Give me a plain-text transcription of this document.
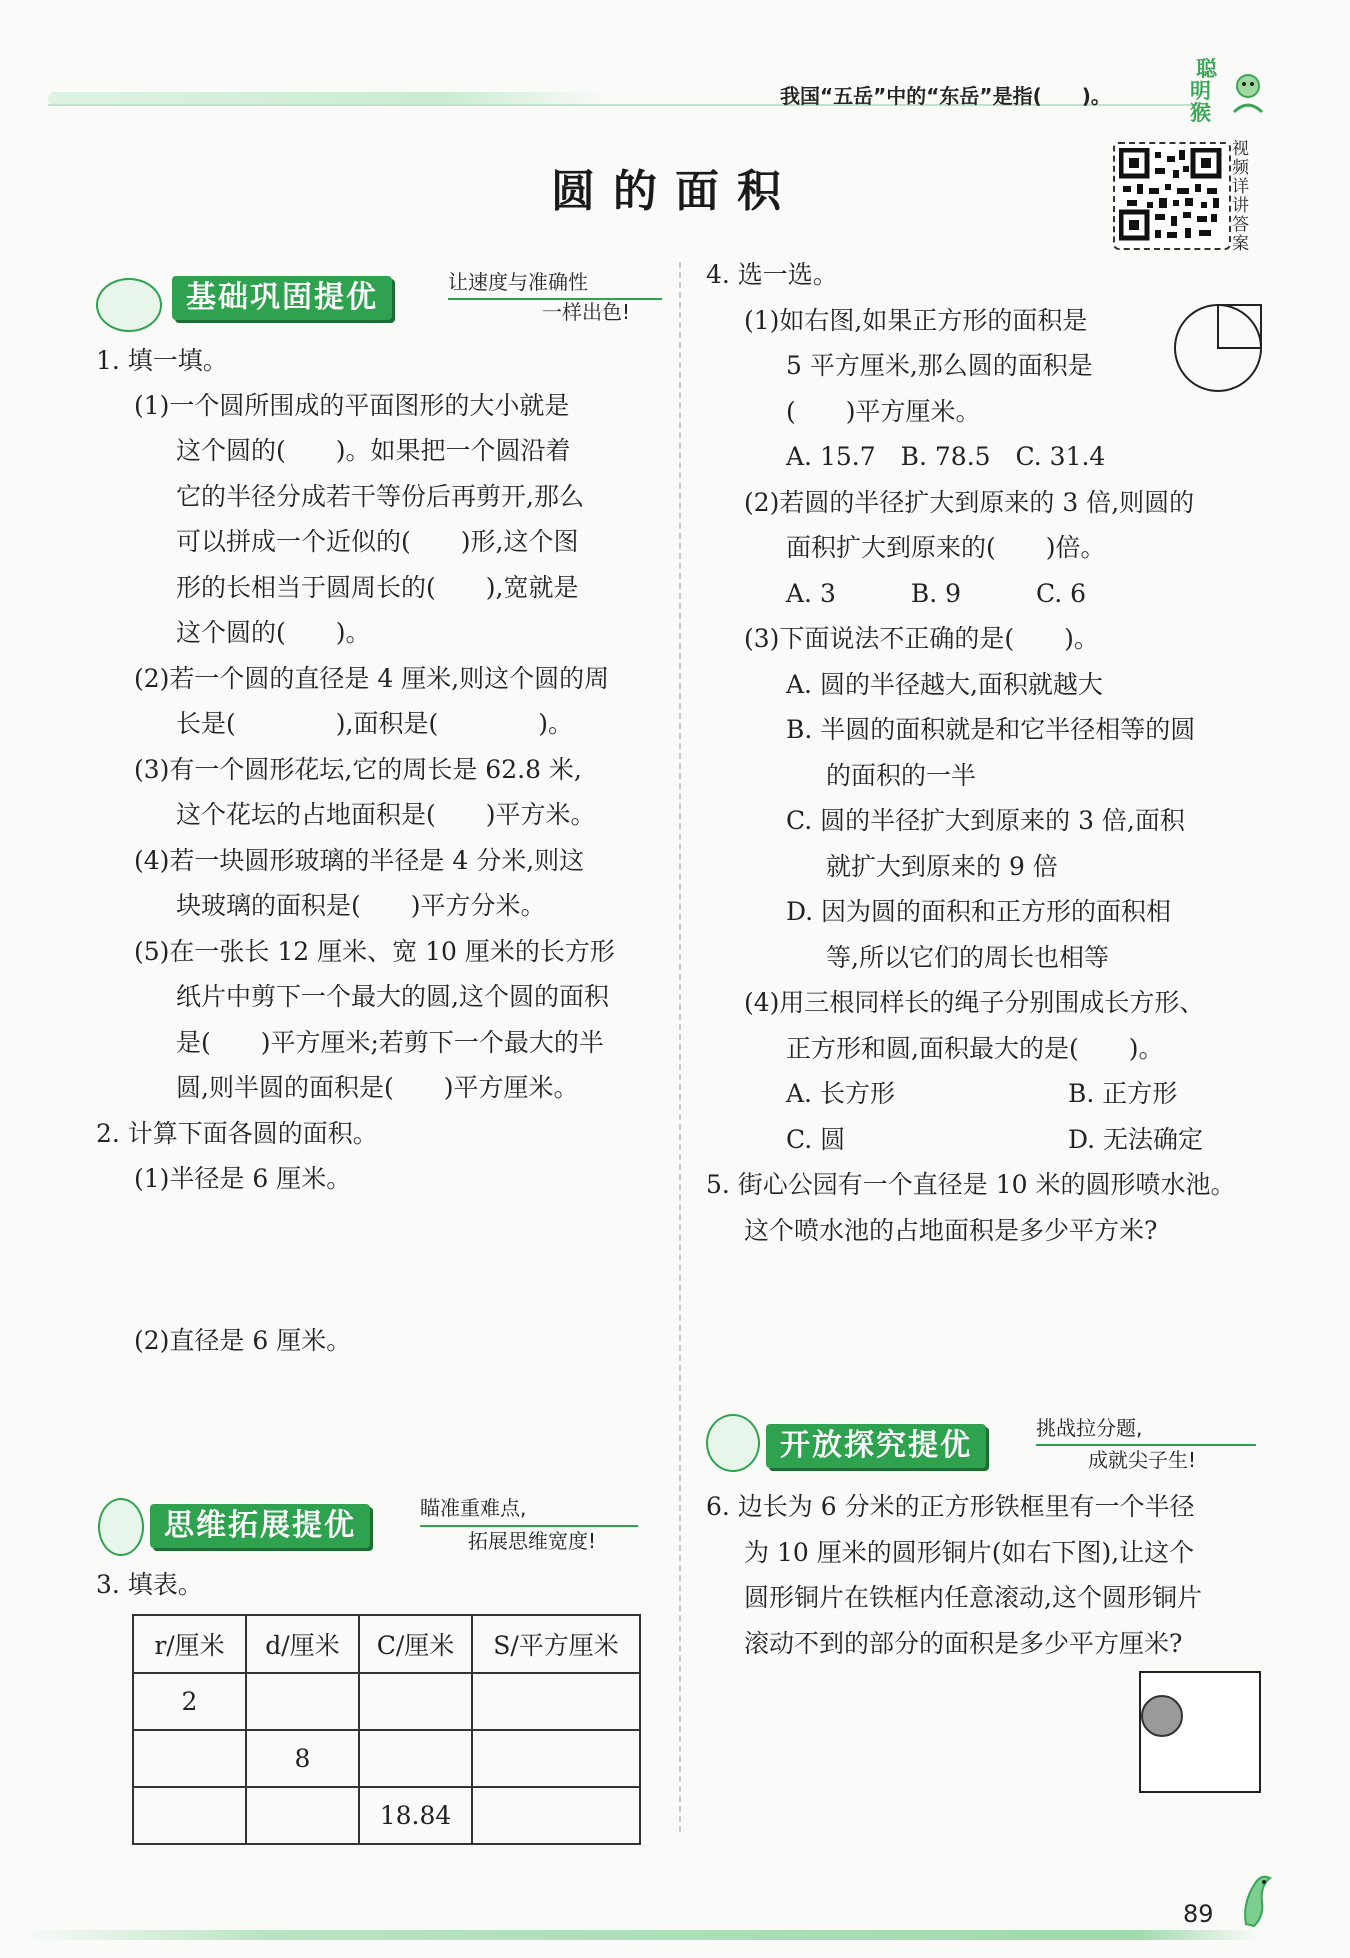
我国“五岳”中的“东岳”是指(　　)。
聪
明
猴
圆的面积
视
频
详
讲
答
案
基础巩固提优	让速度与准确性
一样出色!
1. 填一填。
(1)一个圆所围成的平面图形的大小就是
这个圆的(　　)。如果把一个圆沿着
它的半径分成若干等份后再剪开,那么
可以拼成一个近似的(　　)形,这个图
形的长相当于圆周长的(　　),宽就是
这个圆的(　　)。
(2)若一个圆的直径是 4 厘米,则这个圆的周
长是(　　　　),面积是(　　　　)。
(3)有一个圆形花坛,它的周长是 62.8 米,
这个花坛的占地面积是(　　)平方米。
(4)若一块圆形玻璃的半径是 4 分米,则这
块玻璃的面积是(　　)平方分米。
(5)在一张长 12 厘米、宽 10 厘米的长方形
纸片中剪下一个最大的圆,这个圆的面积
是(　　)平方厘米;若剪下一个最大的半
圆,则半圆的面积是(　　)平方厘米。
2. 计算下面各圆的面积。
(1)半径是 6 厘米。
(2)直径是 6 厘米。
思维拓展提优	瞄准重难点,
拓展思维宽度!
3. 填表。
r/厘米	d/厘米	C/厘米	S/平方厘米
2			
	8		
		18.84	
4. 选一选。
(1)如右图,如果正方形的面积是
5 平方厘米,那么圆的面积是
(　　)平方厘米。
A. 15.7　B. 78.5　C. 31.4
(2)若圆的半径扩大到原来的 3 倍,则圆的
面积扩大到原来的(　　)倍。
A. 3　　　B. 9　　　C. 6
(3)下面说法不正确的是(　　)。
A. 圆的半径越大,面积就越大
B. 半圆的面积就是和它半径相等的圆
的面积的一半
C. 圆的半径扩大到原来的 3 倍,面积
就扩大到原来的 9 倍
D. 因为圆的面积和正方形的面积相
等,所以它们的周长也相等
(4)用三根同样长的绳子分别围成长方形、
正方形和圆,面积最大的是(　　)。
A. 长方形	B. 正方形
C. 圆	D. 无法确定
5. 街心公园有一个直径是 10 米的圆形喷水池。
这个喷水池的占地面积是多少平方米?
开放探究提优	挑战拉分题,
成就尖子生!
6. 边长为 6 分米的正方形铁框里有一个半径
为 10 厘米的圆形铜片(如右下图),让这个
圆形铜片在铁框内任意滚动,这个圆形铜片
滚动不到的部分的面积是多少平方厘米?
89
